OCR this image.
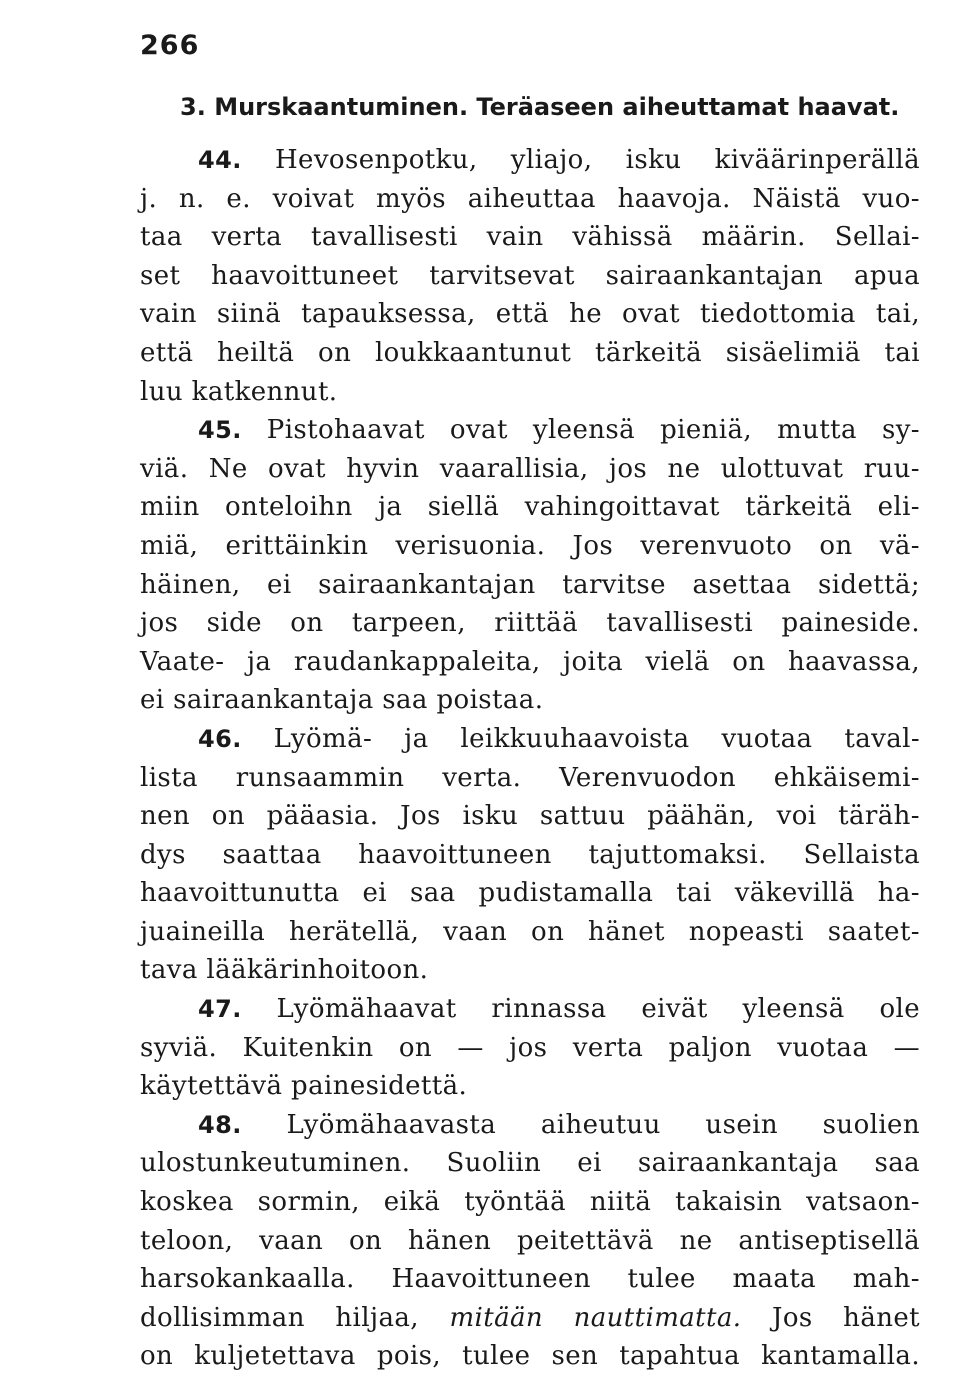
266
3. Murskaantuminen. Teräaseen aiheuttamat haavat.
44. Hevosenpotku, yliajo, isku kiväärinperällä
j. n. e. voivat myös aiheuttaa haavoja. Näistä vuo-
taa verta tavallisesti vain vähissä määrin. Sellai-
set haavoittuneet tarvitsevat sairaankantajan apua
vain siinä tapauksessa, että he ovat tiedottomia tai,
että heiltä on loukkaantunut tärkeitä sisäelimiä tai
luu katkennut.
45. Pistohaavat ovat yleensä pieniä, mutta sy-
viä. Ne ovat hyvin vaarallisia, jos ne ulottuvat ruu-
miin onteloihn ja siellä vahingoittavat tärkeitä eli-
miä, erittäinkin verisuonia. Jos verenvuoto on vä-
häinen, ei sairaankantajan tarvitse asettaa sidettä;
jos side on tarpeen, riittää tavallisesti paineside.
Vaate- ja raudankappaleita, joita vielä on haavassa,
ei sairaankantaja saa poistaa.
46. Lyömä- ja leikkuuhaavoista vuotaa taval-
lista runsaammin verta. Verenvuodon ehkäisemi-
nen on pääasia. Jos isku sattuu päähän, voi täräh-
dys saattaa haavoittuneen tajuttomaksi. Sellaista
haavoittunutta ei saa pudistamalla tai väkevillä ha-
juaineilla herätellä, vaan on hänet nopeasti saatet-
tava lääkärinhoitoon.
47. Lyömähaavat rinnassa eivät yleensä ole
syviä. Kuitenkin on — jos verta paljon vuotaa —
käytettävä painesidettä.
48. Lyömähaavasta aiheutuu usein suolien
ulostunkeutuminen. Suoliin ei sairaankantaja saa
koskea sormin, eikä työntää niitä takaisin vatsaon-
teloon, vaan on hänen peitettävä ne antiseptisellä
harsokankaalla. Haavoittuneen tulee maata mah-
dollisimman hiljaa, mitään nauttimatta. Jos hänet
on kuljetettava pois, tulee sen tapahtua kantamalla.
